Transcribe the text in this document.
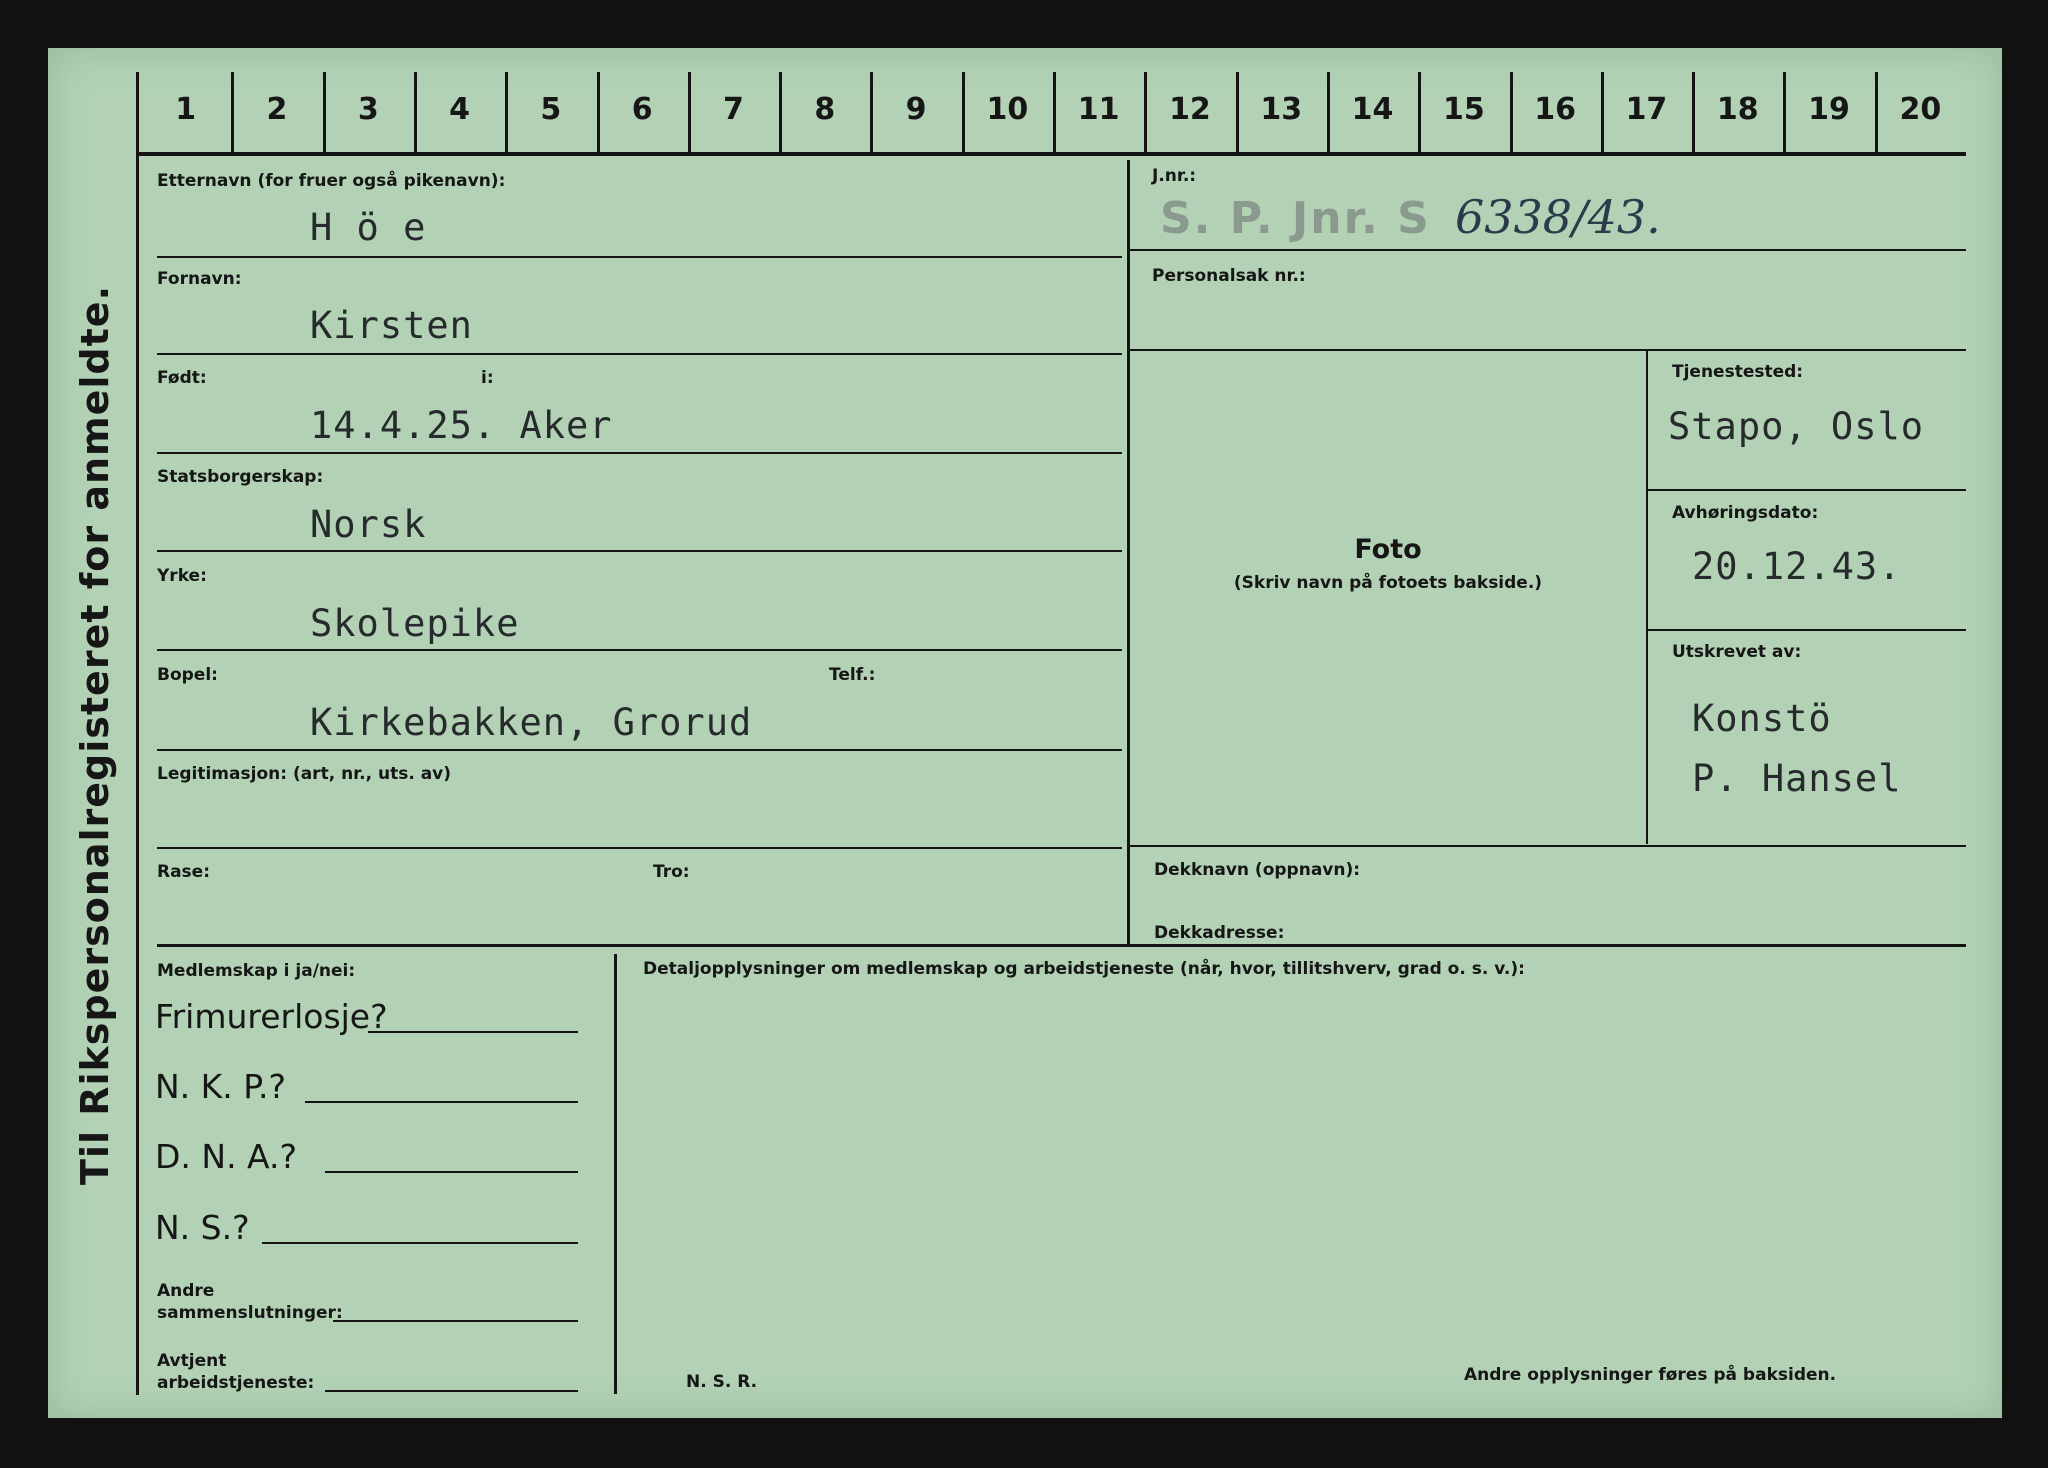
Til Rikspersonalregisteret for anmeldte.
1	2	3	4	5	6	7	8	9	10	11	12	13	14	15	16	17	18	19	20
Etternavn (for fruer også pikenavn):
H ö e
Fornavn:
Kirsten
Født:	i:
14.4.25. Aker
Statsborgerskap:
Norsk
Yrke:
Skolepike
Bopel:	Telf.:
Kirkebakken, Grorud
Legitimasjon: (art, nr., uts. av)
Rase:	Tro:
J.nr.:
S. P. Jnr. S 6338/43.
Personalsak nr.:
Foto
(Skriv navn på fotoets bakside.)
Tjenestested:
Stapo, Oslo
Avhøringsdato:
20.12.43.
Utskrevet av:
Konstö
P. Hansel
Dekknavn (oppnavn):
Dekkadresse:
Medlemskap i ja/nei:
Frimurerlosje?
N. K. P.?
D. N. A.?
N. S.?
Andre
sammenslutninger:
Avtjent
arbeidstjeneste:
Detaljopplysninger om medlemskap og arbeidstjeneste (når, hvor, tillitshverv, grad o. s. v.):
N. S. R.	Andre opplysninger føres på baksiden.
